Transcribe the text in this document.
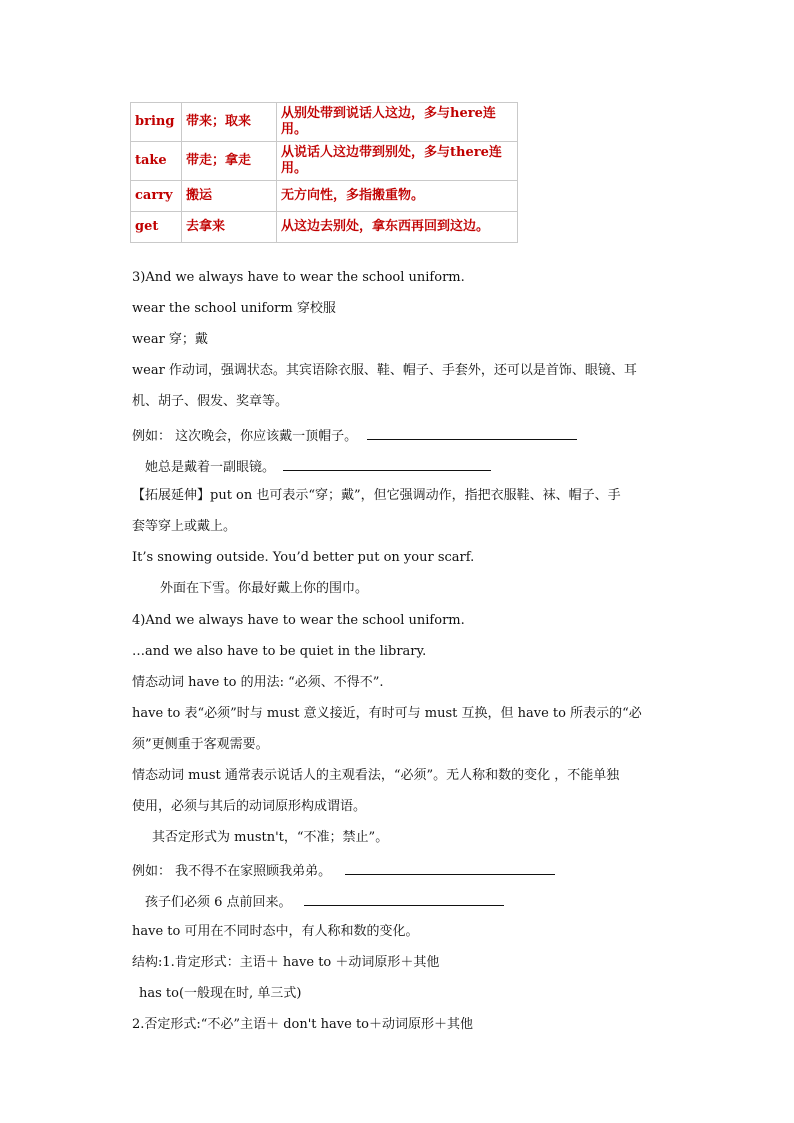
bring	带来；取来	从别处带到说话人这边，多与here连用。
take	带走；拿走	从说话人这边带到别处，多与there连用。
carry	搬运	无方向性，多指搬重物。
get	去拿来	从这边去别处，拿东西再回到这边。
3)And we always have to wear the school uniform.
wear the school uniform 穿校服
wear 穿；戴
wear 作动词，强调状态。其宾语除衣服、鞋、帽子、手套外，还可以是首饰、眼镜、耳
机、胡子、假发、奖章等。
例如： 这次晚会，你应该戴一顶帽子。
她总是戴着一副眼镜。
【拓展延伸】put on 也可表示“穿；戴”，但它强调动作，指把衣服鞋、袜、帽子、手
套等穿上或戴上。
It’s snowing outside. You’d better put on your scarf.
外面在下雪。你最好戴上你的围巾。
4)And we always have to wear the school uniform.
…and we also have to be quiet in the library.
情态动词 have to 的用法: “必须、不得不”.
have to 表“必须”时与 must 意义接近，有时可与 must 互换，但 have to 所表示的“必
须”更侧重于客观需要。
情态动词 must 通常表示说话人的主观看法，“必须”。无人称和数的变化 ，不能单独
使用，必须与其后的动词原形构成谓语。
其否定形式为 mustn't，“不准；禁止”。
例如： 我不得不在家照顾我弟弟。
孩子们必须 6 点前回来。
have to 可用在不同时态中，有人称和数的变化。
结构:1.肯定形式：主语＋ have to ＋动词原形＋其他
has to(一般现在时, 单三式)
2.否定形式:“不必”主语＋ don't have to＋动词原形＋其他
